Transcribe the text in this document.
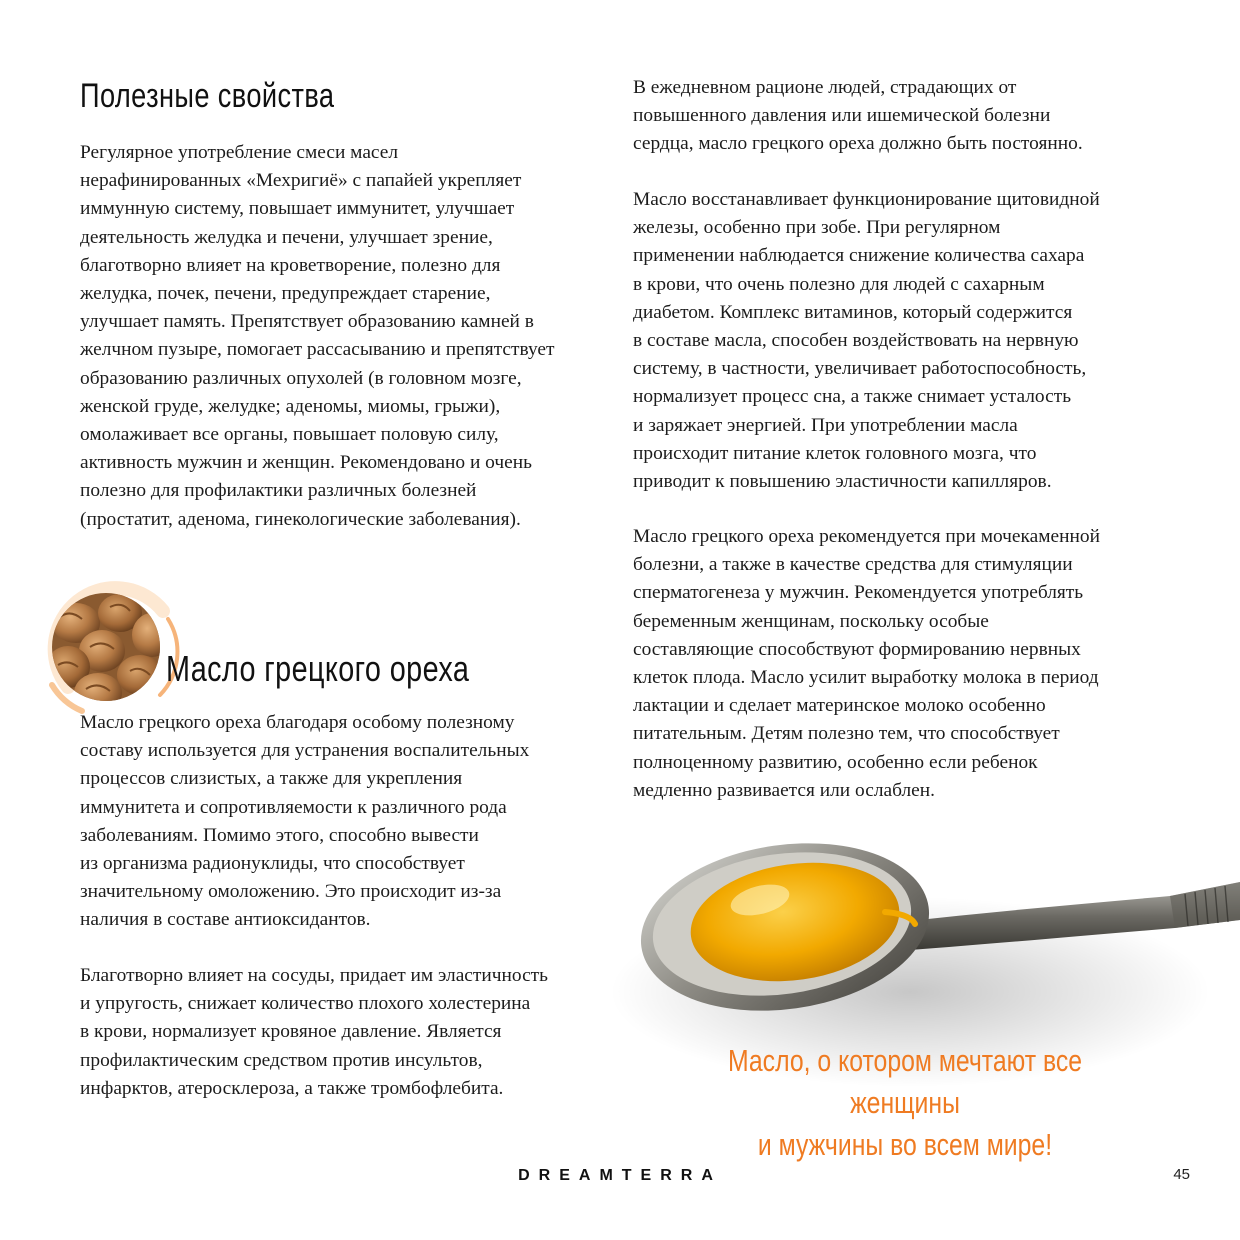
Полезные свойства

Регулярное употребление смеси масел
нерафинированных «Мехригиё» с папайей укрепляет
иммунную систему, повышает иммунитет, улучшает
деятельность желудка и печени, улучшает зрение,
благотворно влияет на кроветворение, полезно для
желудка, почек, печени, предупреждает старение,
улучшает память. Препятствует образованию камней в
желчном пузыре, помогает рассасыванию и препятствует
образованию различных опухолей (в головном мозге,
женской груде, желудке; аденомы, миомы, грыжи),
омолаживает все органы, повышает половую силу,
активность мужчин и женщин. Рекомендовано и очень
полезно для профилактики различных болезней
(простатит, аденома, гинекологические заболевания).

Масло грецкого ореха

Масло грецкого ореха благодаря особому полезному
составу используется для устранения воспалительных
процессов слизистых, а также для укрепления
иммунитета и сопротивляемости к различного рода
заболеваниям. Помимо этого, способно вывести
из организма радионуклиды, что способствует
значительному омоложению. Это происходит из-за
наличия в составе антиоксидантов.

Благотворно влияет на сосуды, придает им эластичность
и упругость, снижает количество плохого холестерина
в крови, нормализует кровяное давление. Является
профилактическим средством против инсультов,
инфарктов, атеросклероза, а также тромбофлебита.

В ежедневном рационе людей, страдающих от
повышенного давления или ишемической болезни
сердца, масло грецкого ореха должно быть постоянно.

Масло восстанавливает функционирование щитовидной
железы, особенно при зобе. При регулярном
применении наблюдается снижение количества сахара
в крови, что очень полезно для людей с сахарным
диабетом. Комплекс витаминов, который содержится
в составе масла, способен воздействовать на нервную
систему, в частности, увеличивает работоспособность,
нормализует процесс сна, а также снимает усталость
и заряжает энергией. При употреблении масла
происходит питание клеток головного мозга, что
приводит к повышению эластичности капилляров.

Масло грецкого ореха рекомендуется при мочекаменной
болезни, а также в качестве средства для стимуляции
сперматогенеза у мужчин. Рекомендуется употреблять
беременным женщинам, поскольку особые
составляющие способствуют формированию нервных
клеток плода. Масло усилит выработку молока в период
лактации и сделает материнское молоко особенно
питательным. Детям полезно тем, что способствует
полноценному развитию, особенно если ребенок
медленно развивается или ослаблен.

Масло, о котором мечтают все женщины
и мужчины во всем мире!

DREAMTERRA	45
